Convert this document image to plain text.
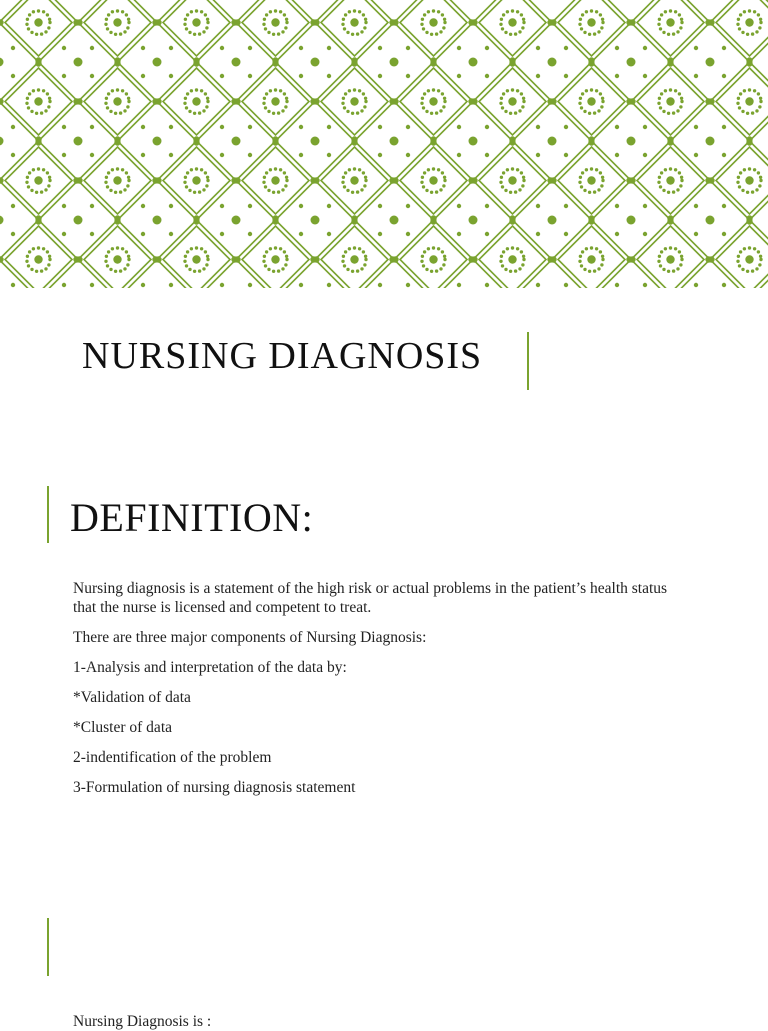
NURSING DIAGNOSIS
DEFINITION:

Nursing diagnosis is a statement of the high risk or actual problems in the patient’s health status that the nurse is licensed and competent to treat.

There are three major components of Nursing Diagnosis:

1-Analysis and interpretation of the data by:

*Validation of data

*Cluster of data

2-indentification of the problem

3-Formulation of nursing diagnosis statement

Nursing Diagnosis is :
